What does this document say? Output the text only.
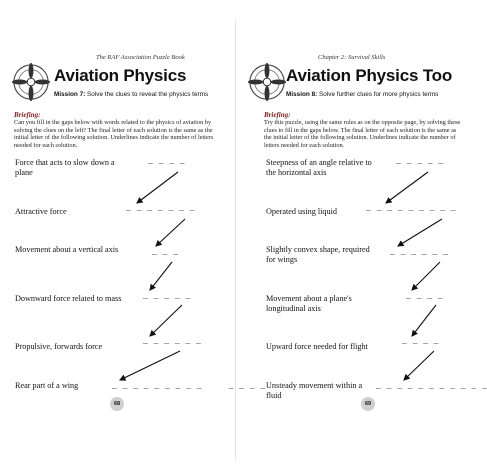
The RAF Association Puzzle Book
Aviation Physics
Mission 7: Solve the clues to reveal the physics terms
Briefing:
Can you fill in the gaps below with words related to the physics of aviation by solving the clues on the left? The final letter of each solution is the same as the initial letter of the following solution. Underlines indicate the number of letters needed for each solution.
Force that acts to slow down a plane
Attractive force
Movement about a vertical axis
Downward force related to mass
Propulsive, forwards force
Rear part of a wing
_ _ _ _
_ _ _ _ _ _ _
_ _ _
_ _ _ _ _
_ _ _ _ _ _
_ _ _ _ _ _ _ _ _     _ _ _ _
68
Chapter 2: Survival Skills
Aviation Physics Too
Mission 8: Solve further clues for more physics terms
Briefing:
Try this puzzle, using the same rules as on the opposite page, by solving these clues to fill in the gaps below. The final letter of each solution is the same as the initial letter of the following solution. Underlines indicate the number of letters needed for each solution.
Steepness of an angle relative to the horizontal axis
Operated using liquid
Slightly convex shape, required for wings
Movement about a plane's longitudinal axis
Upward force needed for flight
Unsteady movement within a fluid
_ _ _ _ _
_ _ _ _ _ _ _ _ _
_ _ _ _ _ _
_ _ _ _
_ _ _ _
_ _ _ _ _ _ _ _ _ _ _
69
